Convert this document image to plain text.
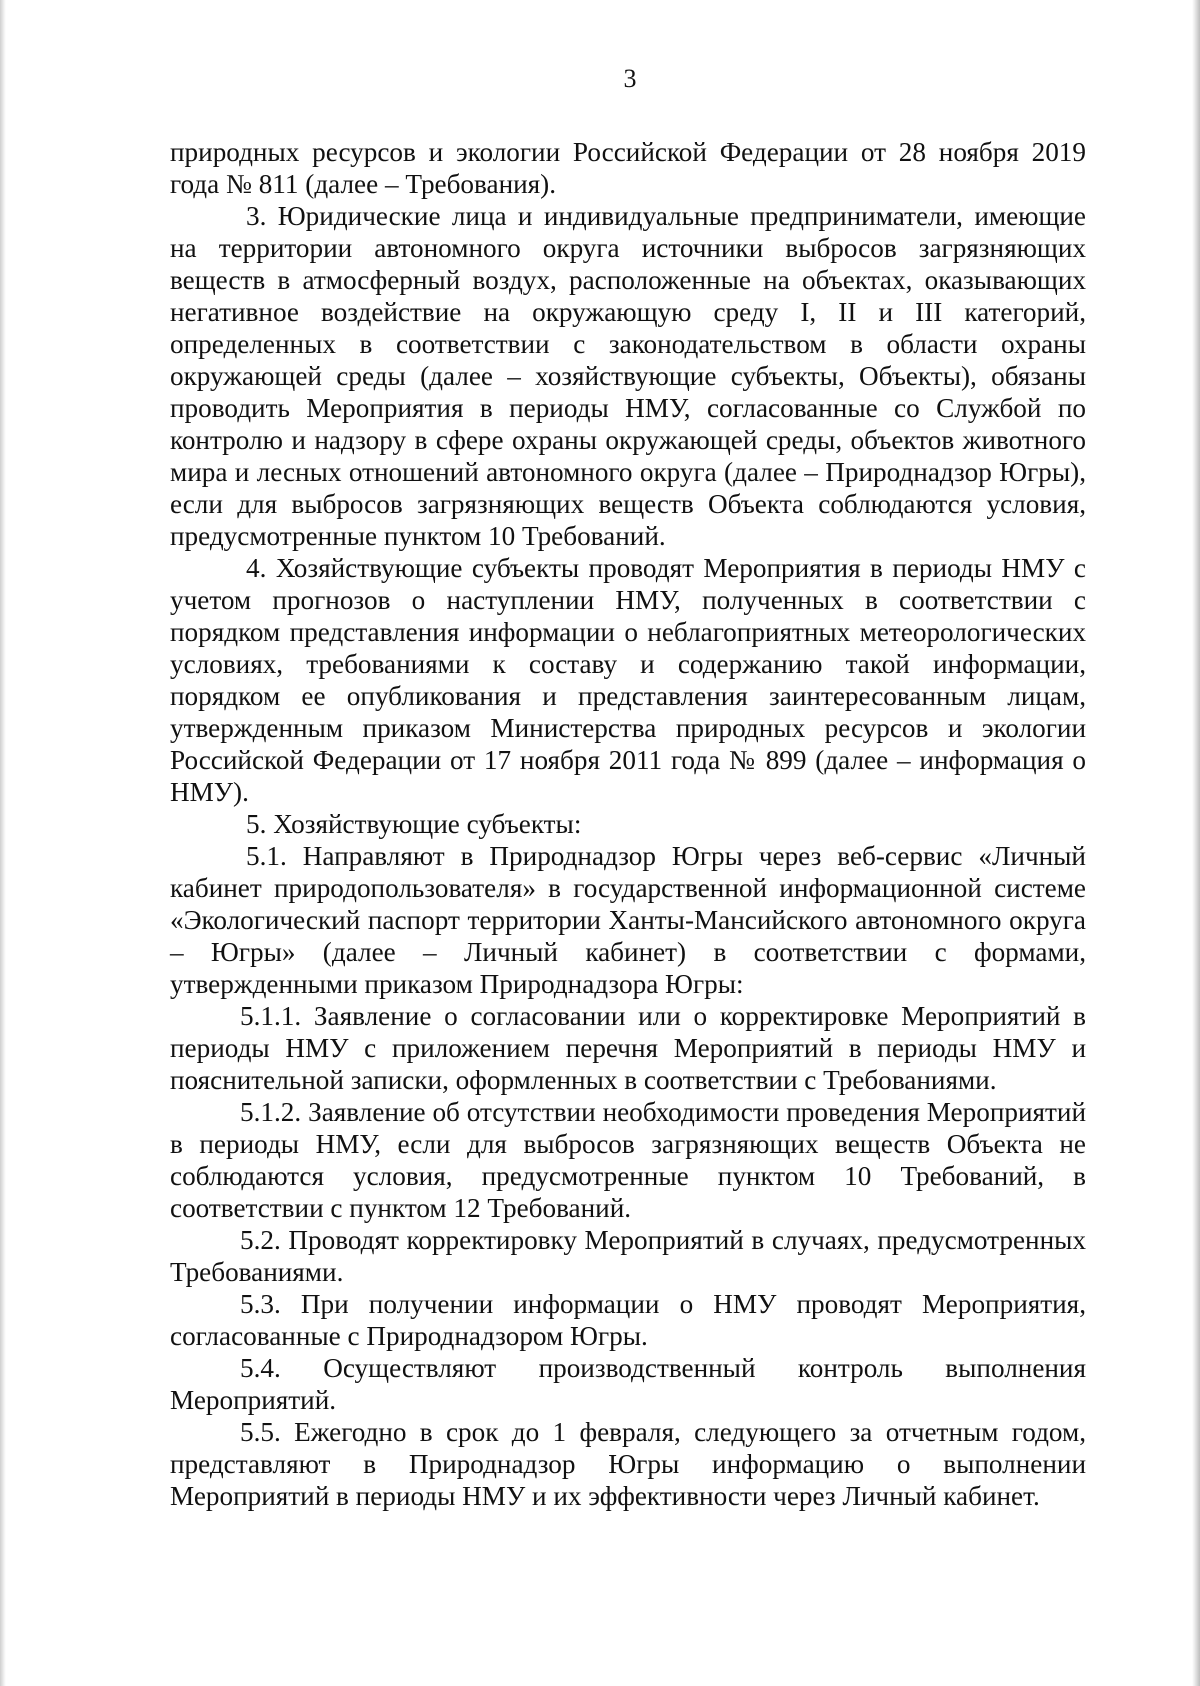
3

природных ресурсов и экологии Российской Федерации от 28 ноября 2019 года № 811 (далее – Требования).

3. Юридические лица и индивидуальные предприниматели, имеющие на территории автономного округа источники выбросов загрязняющих веществ в атмосферный воздух, расположенные на объектах, оказывающих негативное воздействие на окружающую среду I, II и III категорий, определенных в соответствии с законодательством в области охраны окружающей среды (далее – хозяйствующие субъекты, Объекты), обязаны проводить Мероприятия в периоды НМУ, согласованные со Службой по контролю и надзору в сфере охраны окружающей среды, объектов животного мира и лесных отношений автономного округа (далее – Природнадзор Югры), если для выбросов загрязняющих веществ Объекта соблюдаются условия, предусмотренные пунктом 10 Требований.

4. Хозяйствующие субъекты проводят Мероприятия в периоды НМУ с учетом прогнозов о наступлении НМУ, полученных в соответствии с порядком представления информации о неблагоприятных метеорологических условиях, требованиями к составу и содержанию такой информации, порядком ее опубликования и представления заинтересованным лицам, утвержденным приказом Министерства природных ресурсов и экологии Российской Федерации от 17 ноября 2011 года № 899 (далее – информация о НМУ).

5. Хозяйствующие субъекты:

5.1. Направляют в Природнадзор Югры через веб-сервис «Личный кабинет природопользователя» в государственной информационной системе «Экологический паспорт территории Ханты-Мансийского автономного округа – Югры» (далее – Личный кабинет) в соответствии с формами, утвержденными приказом Природнадзора Югры:

5.1.1. Заявление о согласовании или о корректировке Мероприятий в периоды НМУ с приложением перечня Мероприятий в периоды НМУ и пояснительной записки, оформленных в соответствии с Требованиями.

5.1.2. Заявление об отсутствии необходимости проведения Мероприятий в периоды НМУ, если для выбросов загрязняющих веществ Объекта не соблюдаются условия, предусмотренные пунктом 10 Требований, в соответствии с пунктом 12 Требований.

5.2. Проводят корректировку Мероприятий в случаях, предусмотренных Требованиями.

5.3. При получении информации о НМУ проводят Мероприятия, согласованные с Природнадзором Югры.

5.4. Осуществляют производственный контроль выполнения Мероприятий.

5.5. Ежегодно в срок до 1 февраля, следующего за отчетным годом, представляют в Природнадзор Югры информацию о выполнении Мероприятий в периоды НМУ и их эффективности через Личный кабинет.
